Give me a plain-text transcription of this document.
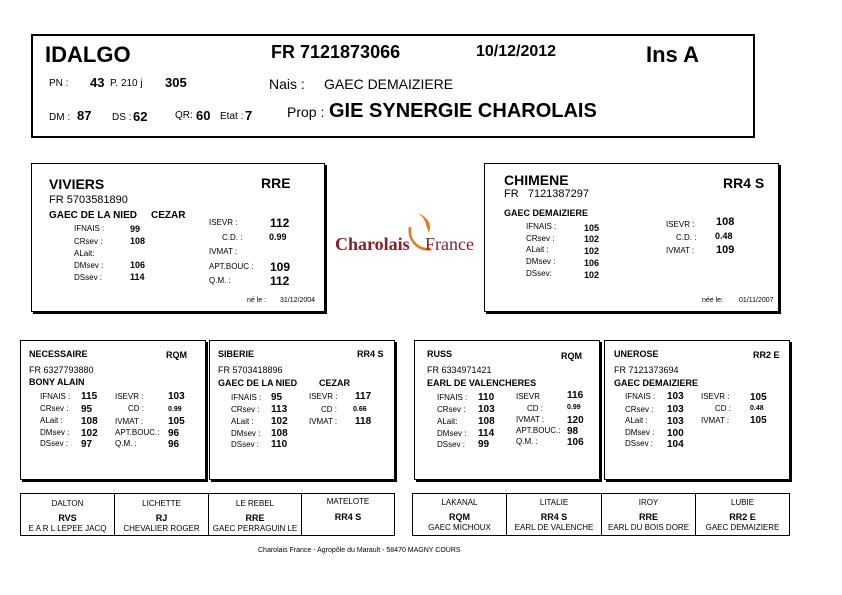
IDALGO	FR 7121873066	10/12/2012	Ins A
PN : 43 P. 210 j 305	Nais : GAEC DEMAIZIERE
DM : 87 DS : 62	QR: 60 Etat : 7 Prop : GIE SYNERGIE CHAROLAIS
VIVIERS	RRE
FR 5703581890
GAEC DE LA NIED CEZAR
IFNAIS :	99
CRsev :	108
ALait:
DMsev :	106
DSsev :	114
ISEVR :	112
C.D. :	0.99
IVMAT :
APT.BOUC : 109
Q.M. :	112
né le : 31/12/2004
Charolais France
CHIMENE	RR4 S
FR   7121387297
GAEC DEMAIZIERE
IFNAIS :	105
CRsev :	102
ALait :	102
DMsev :	106
DSsev:	102
ISEVR : 108
C.D. : 0.48
IVMAT : 109
née le: 01/11/2007
NECESSAIRE	RQM
FR 6327793880
BONY ALAIN
IFNAIS : 115
CRsev : 95
ALait : 108
DMsev : 102
DSsev : 97
ISEVR : 103
CD :	0.99
IVMAT : 105
APT.BOUC.: 96
Q.M. :	96
SIBERIE	RR4 S
FR 5703418896
GAEC DE LA NIED CEZAR
IFNAIS : 95
CRsev : 113
ALait : 102
DMsev : 108
DSsev : 110
ISEVR : 117
CD : 0.66
IVMAT : 118
RUSS	RQM
FR 6334971421
EARL DE VALENCHERES
IFNAIS : 110
CRsev : 103
ALait: 108
DMsev : 114
DSsev : 99
ISEVR	116
CD :	0.99
IVMAT : 120
APT.BOUC.: 98
Q.M. :	106
UNEROSE	RR2 E
FR 7121373694
GAEC DEMAIZIERE
IFNAIS : 103
CRsev : 103
ALait : 103
DMsev : 100
DSsev : 104
ISEVR : 105
CD :	0.48
IVMAT : 105
DALTON
RVS
E A R L LEPEE JACQ
LICHETTE
RJ
CHEVALIER ROGER
LE REBEL
RRE
GAEC PERRAGUIN LE
MATELOTE
RR4 S
LAKANAL
RQM
GAEC MICHOUX
LITALIE
RR4 S
EARL DE VALENCHE
IROY
RRE
EARL DU BOIS DORE
LUBIE
RR2 E
GAEC DEMAIZIERE
Charolais France - Agropôle du Marault - 58470 MAGNY COURS
